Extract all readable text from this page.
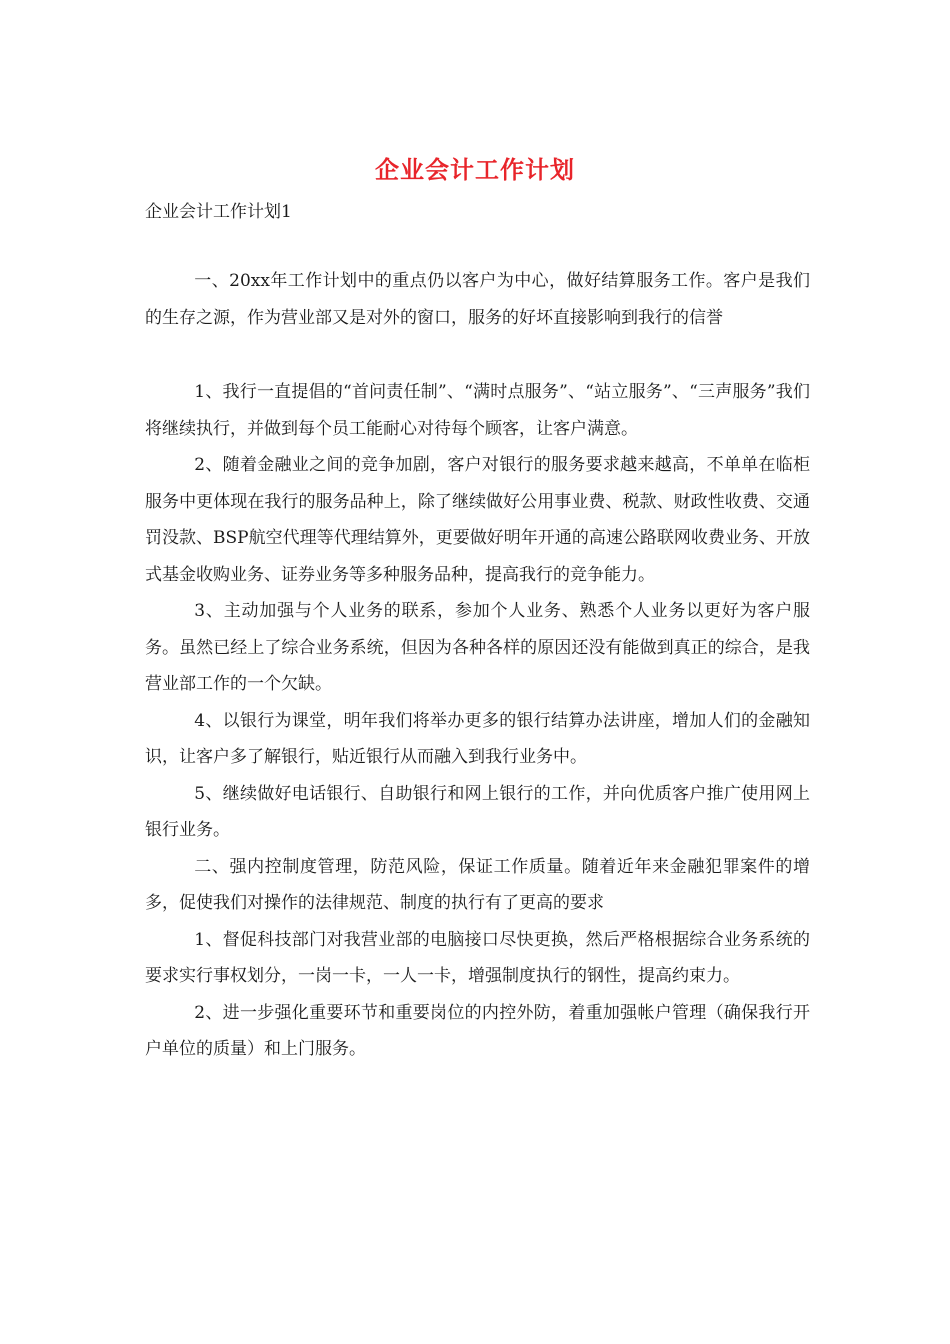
企业会计工作计划

企业会计工作计划1

一、20xx年工作计划中的重点仍以客户为中心，做好结算服务工作。客户是我们的生存之源，作为营业部又是对外的窗口，服务的好坏直接影响到我行的信誉

1、我行一直提倡的“首问责任制”、“满时点服务”、“站立服务”、“三声服务”我们将继续执行，并做到每个员工能耐心对待每个顾客，让客户满意。

2、随着金融业之间的竞争加剧，客户对银行的服务要求越来越高，不单单在临柜服务中更体现在我行的服务品种上，除了继续做好公用事业费、税款、财政性收费、交通罚没款、BSP航空代理等代理结算外，更要做好明年开通的高速公路联网收费业务、开放式基金收购业务、证券业务等多种服务品种，提高我行的竞争能力。

3、主动加强与个人业务的联系，参加个人业务、熟悉个人业务以更好为客户服务。虽然已经上了综合业务系统，但因为各种各样的原因还没有能做到真正的综合，是我营业部工作的一个欠缺。

4、以银行为课堂，明年我们将举办更多的银行结算办法讲座，增加人们的金融知识，让客户多了解银行，贴近银行从而融入到我行业务中。

5、继续做好电话银行、自助银行和网上银行的工作，并向优质客户推广使用网上银行业务。

二、强内控制度管理，防范风险，保证工作质量。随着近年来金融犯罪案件的增多，促使我们对操作的法律规范、制度的执行有了更高的要求

1、督促科技部门对我营业部的电脑接口尽快更换，然后严格根据综合业务系统的要求实行事权划分，一岗一卡，一人一卡，增强制度执行的钢性，提高约束力。

2、进一步强化重要环节和重要岗位的内控外防，着重加强帐户管理（确保我行开户单位的质量）和上门服务。
